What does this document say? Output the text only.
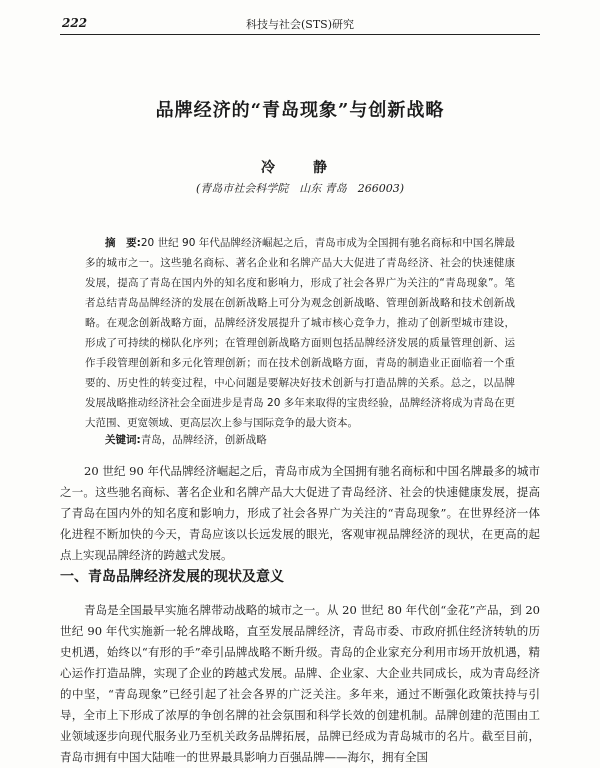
222	科技与社会(STS)研究
品牌经济的“青岛现象”与创新战略
冷　静
(青岛市社会科学院　山东 青岛　266003)
摘　要:20 世纪 90 年代品牌经济崛起之后，青岛市成为全国拥有驰名商标和中国名牌最多的城市之一。这些驰名商标、著名企业和名牌产品大大促进了青岛经济、社会的快速健康发展，提高了青岛在国内外的知名度和影响力，形成了社会各界广为关注的“青岛现象”。笔者总结青岛品牌经济的发展在创新战略上可分为观念创新战略、管理创新战略和技术创新战略。在观念创新战略方面，品牌经济发展提升了城市核心竞争力，推动了创新型城市建设，形成了可持续的梯队化序列；在管理创新战略方面则包括品牌经济发展的质量管理创新、运作手段管理创新和多元化管理创新；而在技术创新战略方面，青岛的制造业正面临着一个重要的、历史性的转变过程，中心问题是要解决好技术创新与打造品牌的关系。总之，以品牌发展战略推动经济社会全面进步是青岛 20 多年来取得的宝贵经验，品牌经济将成为青岛在更大范围、更宽领域、更高层次上参与国际竞争的最大资本。
关键词:青岛，品牌经济，创新战略
20 世纪 90 年代品牌经济崛起之后，青岛市成为全国拥有驰名商标和中国名牌最多的城市之一。这些驰名商标、著名企业和名牌产品大大促进了青岛经济、社会的快速健康发展，提高了青岛在国内外的知名度和影响力，形成了社会各界广为关注的“青岛现象”。在世界经济一体化进程不断加快的今天，青岛应该以长远发展的眼光，客观审视品牌经济的现状，在更高的起点上实现品牌经济的跨越式发展。
一、青岛品牌经济发展的现状及意义
青岛是全国最早实施名牌带动战略的城市之一。从 20 世纪 80 年代创“金花”产品，到 20 世纪 90 年代实施新一轮名牌战略，直至发展品牌经济，青岛市委、市政府抓住经济转轨的历史机遇，始终以“有形的手”牵引品牌战略不断升级。青岛的企业家充分利用市场开放机遇，精心运作打造品牌，实现了企业的跨越式发展。品牌、企业家、大企业共同成长，成为青岛经济的中坚，“青岛现象”已经引起了社会各界的广泛关注。多年来，通过不断强化政策扶持与引导，全市上下形成了浓厚的争创名牌的社会氛围和科学长效的创建机制。品牌创建的范围由工业领域逐步向现代服务业乃至机关政务品牌拓展，品牌已经成为青岛城市的名片。截至目前，青岛市拥有中国大陆唯一的世界最具影响力百强品牌——海尔，拥有全国
